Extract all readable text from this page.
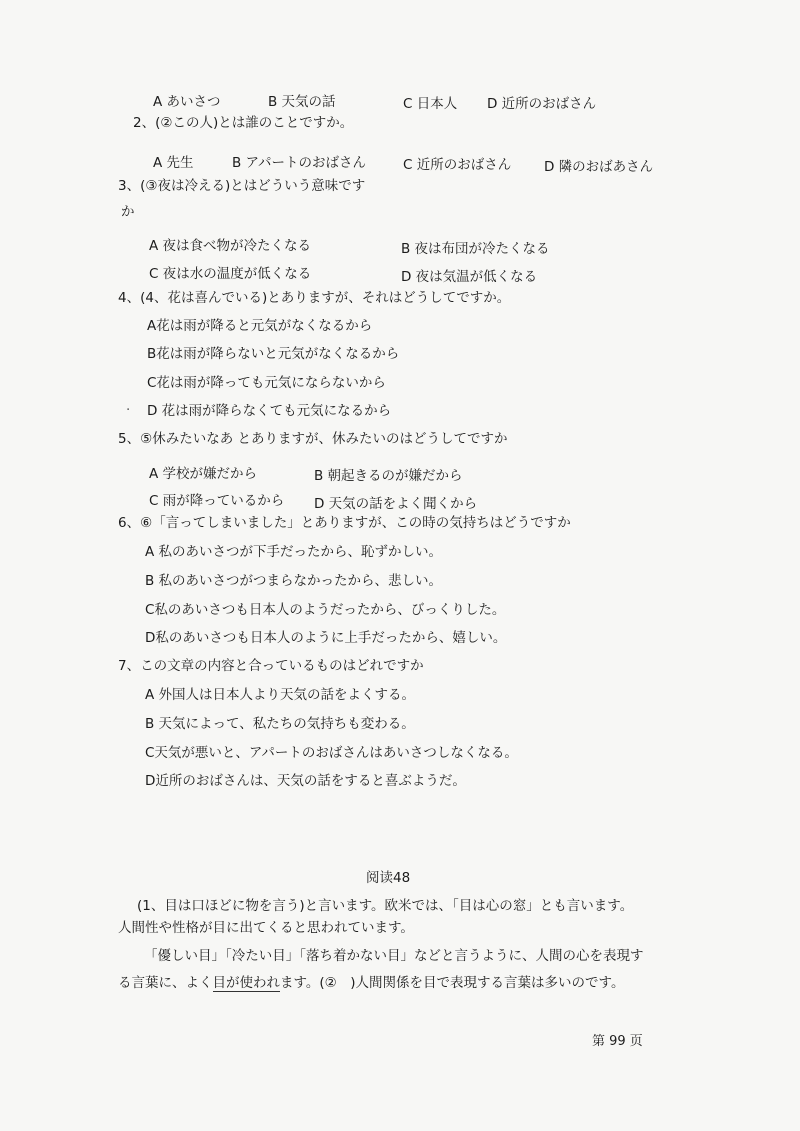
A あいさつ	B 天気の話	C 日本人 D 近所のおばさん
2、(②この人)とは誰のことですか。
A 先生	B アパートのおばさん	C 近所のおばさん D 隣のおばあさん
3、(③夜は冷える)とはどういう意味です
か
A 夜は食べ物が冷たくなる	B 夜は布団が冷たくなる
C 夜は水の温度が低くなる	D 夜は気温が低くなる
4、(4、花は喜んでいる)とありますが、それはどうしてですか。
A花は雨が降ると元気がなくなるから
B花は雨が降らないと元気がなくなるから
C花は雨が降っても元気にならないから
· D 花は雨が降らなくても元気になるから
5、⑤休みたいなあ とありますが、休みたいのはどうしてですか
A 学校が嫌だから	B 朝起きるのが嫌だから
C 雨が降っているから D 天気の話をよく聞くから
6、⑥「言ってしまいました」とありますが、この時の気持ちはどうですか
A 私のあいさつが下手だったから、恥ずかしい。
B 私のあいさつがつまらなかったから、悲しい。
C私のあいさつも日本人のようだったから、びっくりした。
D私のあいさつも日本人のように上手だったから、嬉しい。
7、この文章の内容と合っているものはどれですか
A 外国人は日本人より天気の話をよくする。
B 天気によって、私たちの気持ちも変わる。
C天気が悪いと、アパートのおばさんはあいさつしなくなる。
D近所のおばさんは、天気の話をすると喜ぶようだ。
阅读48
(1、目は口ほどに物を言う)と言います。欧米では、「目は心の窓」とも言います。
人間性や性格が目に出てくると思われています。
「優しい目」「冷たい目」「落ち着かない目」などと言うように、人間の心を表現す
る言葉に、よく目が使われます。(②　)人間関係を目で表現する言葉は多いのです。
第 99 页
